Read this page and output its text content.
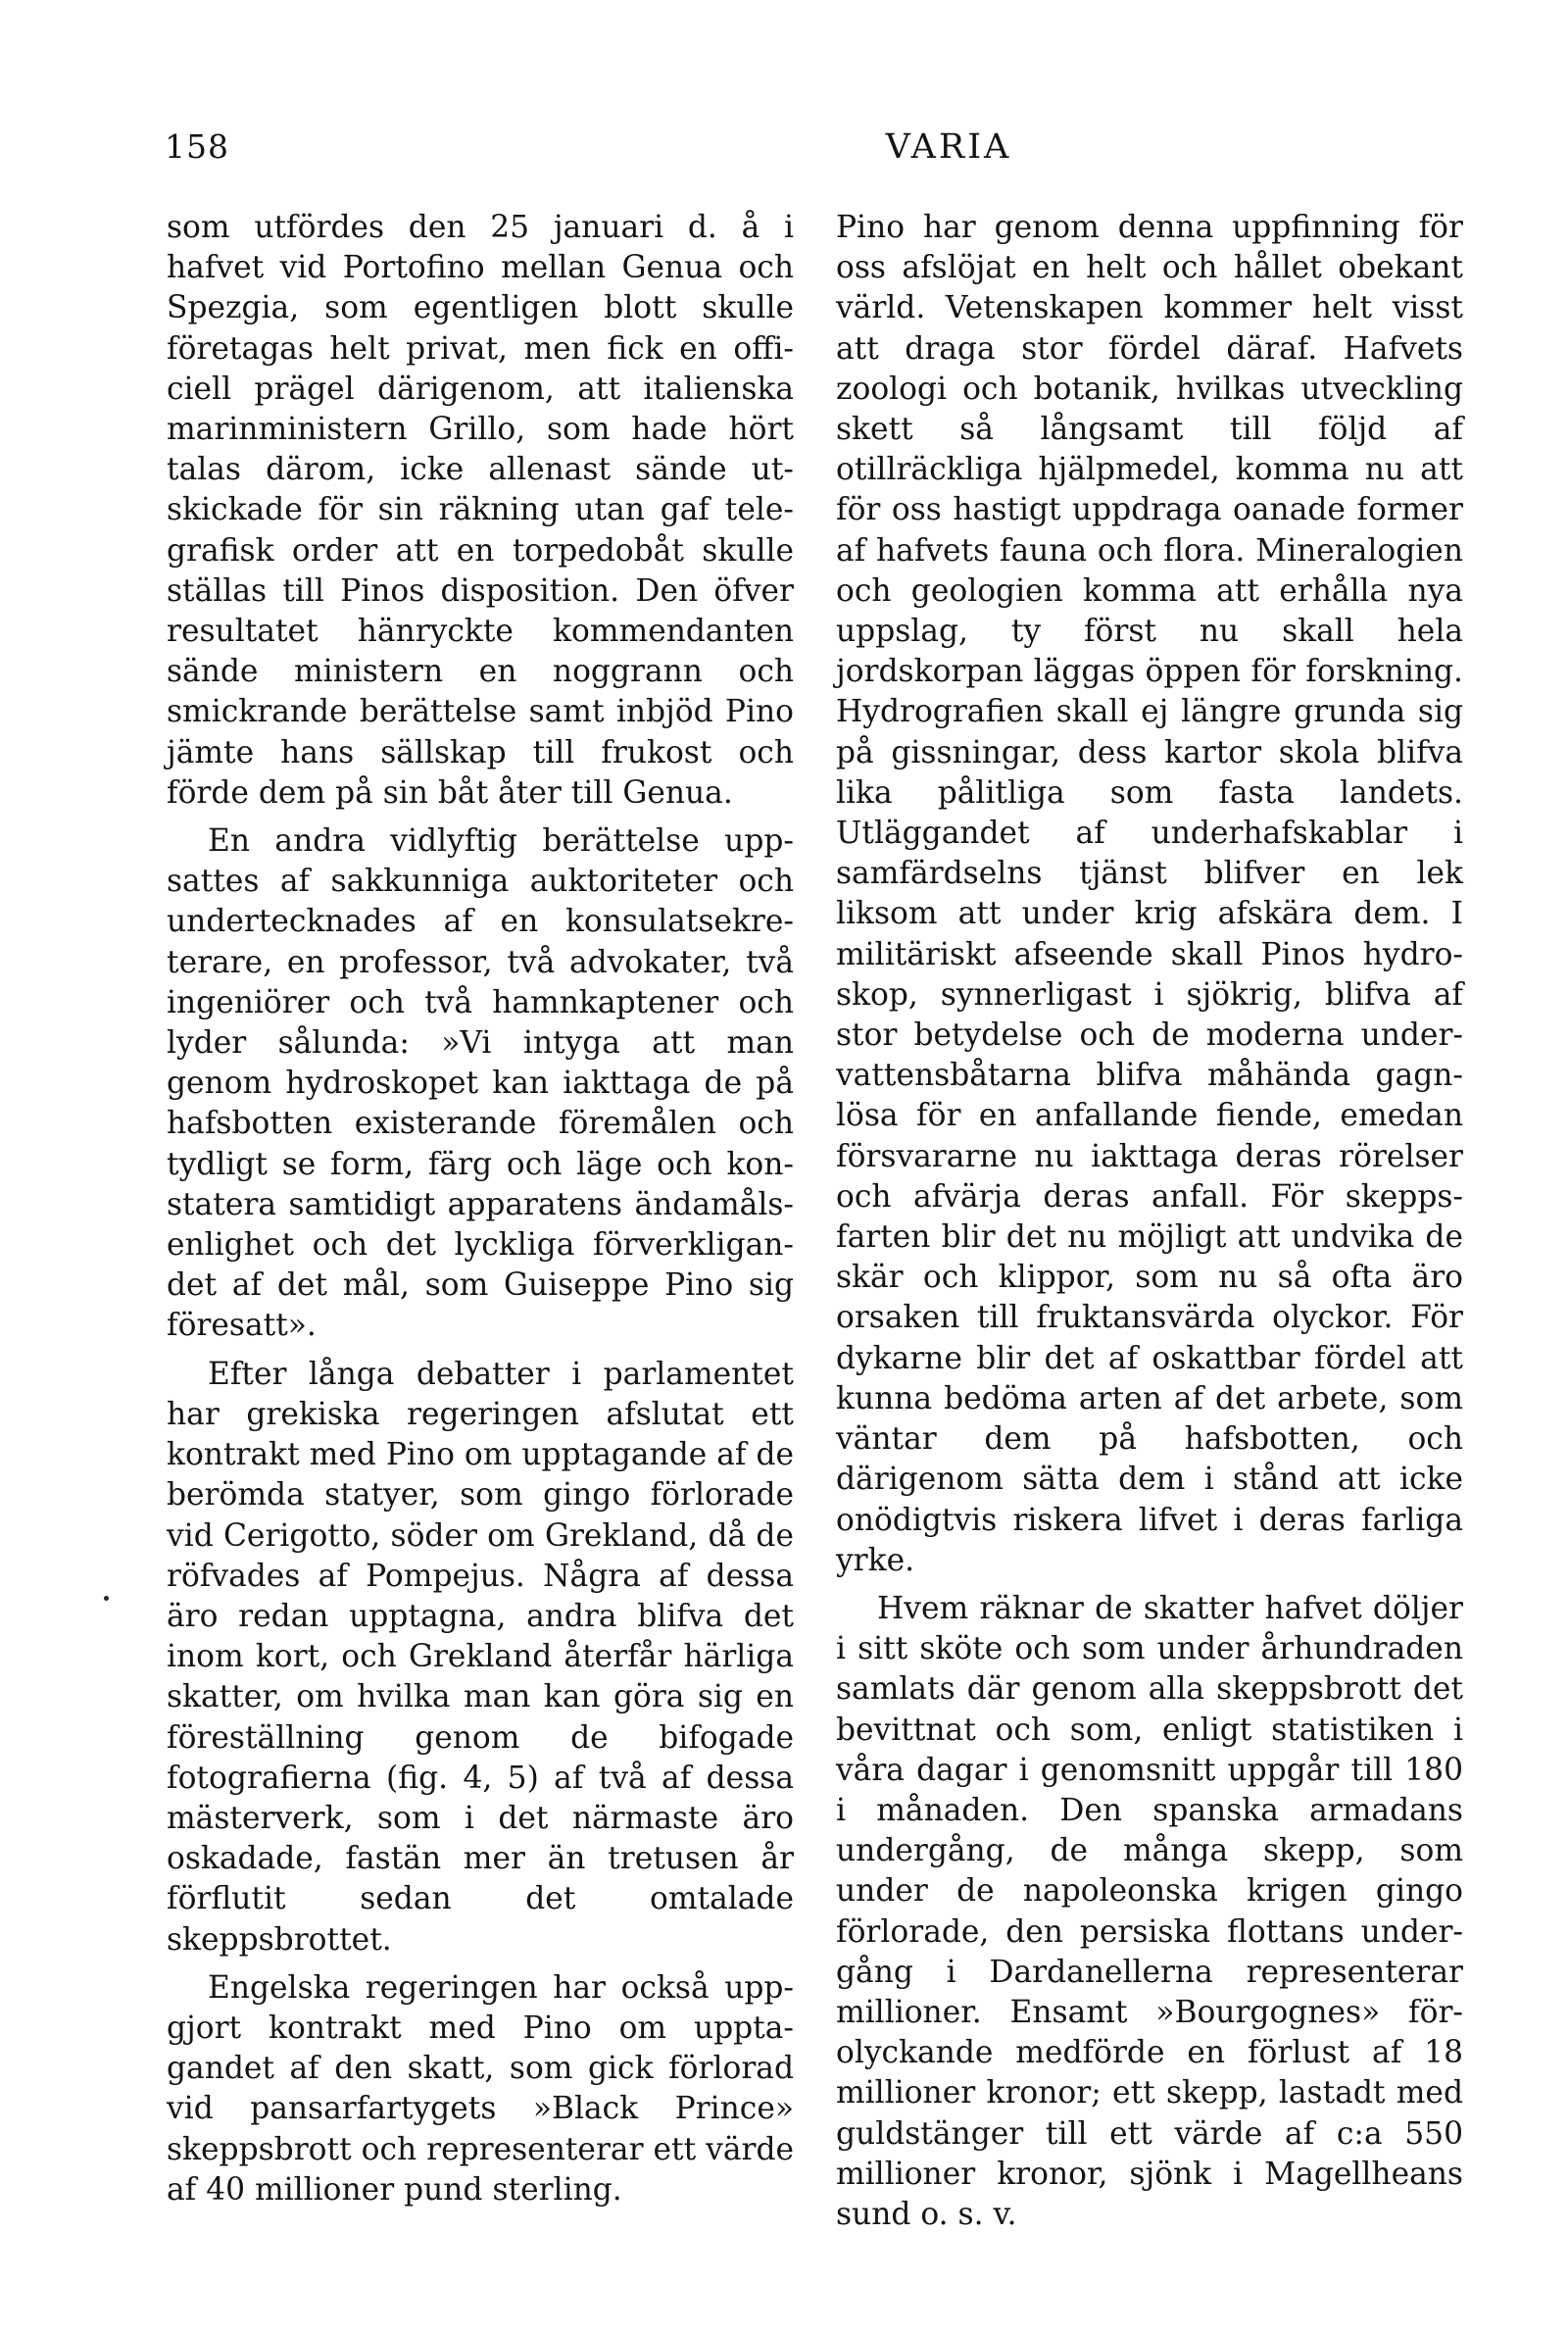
158	VARIA

som utfördes den 25 januari d. å i hafvet vid Portofino mellan Genua och Spezgia, som egentligen blott skulle företagas helt privat, men fick en officiell prägel därigenom, att italienska marinministern Grillo, som hade hört talas därom, icke allenast sände utskickade för sin räkning utan gaf telegrafisk order att en torpedobåt skulle ställas till Pinos disposition. Den öfver resultatet hänryckte kommendanten sände ministern en noggrann och smickrande berättelse samt inbjöd Pino jämte hans sällskap till frukost och förde dem på sin båt åter till Genua.

En andra vidlyftig berättelse uppsattes af sakkunniga auktoriteter och undertecknades af en konsulatsekreterare, en professor, två advokater, två ingeniörer och två hamnkaptener och lyder sålunda: »Vi intyga att man genom hydroskopet kan iakttaga de på hafsbotten existerande föremålen och tydligt se form, färg och läge och konstatera samtidigt apparatens ändamålsenlighet och det lyckliga förverkligandet af det mål, som Guiseppe Pino sig föresatt».

Efter långa debatter i parlamentet har grekiska regeringen afslutat ett kontrakt med Pino om upptagande af de berömda statyer, som gingo förlorade vid Cerigotto, söder om Grekland, då de röfvades af Pompejus. Några af dessa äro redan upptagna, andra blifva det inom kort, och Grekland återfår härliga skatter, om hvilka man kan göra sig en föreställning genom de bifogade fotografierna (fig. 4, 5) af två af dessa mästerverk, som i det närmaste äro oskadade, fastän mer än tretusen år förflutit sedan det omtalade skeppsbrottet.

Engelska regeringen har också uppgjort kontrakt med Pino om upptagandet af den skatt, som gick förlorad vid pansarfartygets »Black Prince» skeppsbrott och representerar ett värde af 40 millioner pund sterling.

Pino har genom denna uppfinning för oss afslöjat en helt och hållet obekant värld. Vetenskapen kommer helt visst att draga stor fördel däraf. Hafvets zoologi och botanik, hvilkas utveckling skett så långsamt till följd af otillräckliga hjälpmedel, komma nu att för oss hastigt uppdraga oanade former af hafvets fauna och flora. Mineralogien och geologien komma att erhålla nya uppslag, ty först nu skall hela jordskorpan läggas öppen för forskning. Hydrografien skall ej längre grunda sig på gissningar, dess kartor skola blifva lika pålitliga som fasta landets. Utläggandet af underhafskablar i samfärdselns tjänst blifver en lek liksom att under krig afskära dem. I militäriskt afseende skall Pinos hydroskop, synnerligast i sjökrig, blifva af stor betydelse och de moderna undervattensbåtarna blifva måhända gagnlösa för en anfallande fiende, emedan försvararne nu iakttaga deras rörelser och afvärja deras anfall. För skeppsfarten blir det nu möjligt att undvika de skär och klippor, som nu så ofta äro orsaken till fruktansvärda olyckor. För dykarne blir det af oskattbar fördel att kunna bedöma arten af det arbete, som väntar dem på hafsbotten, och därigenom sätta dem i stånd att icke onödigtvis riskera lifvet i deras farliga yrke.

Hvem räknar de skatter hafvet döljer i sitt sköte och som under århundraden samlats där genom alla skeppsbrott det bevittnat och som, enligt statistiken i våra dagar i genomsnitt uppgår till 180 i månaden. Den spanska armadans undergång, de många skepp, som under de napoleonska krigen gingo förlorade, den persiska flottans undergång i Dardanellerna representerar millioner. Ensamt »Bourgognes» förolyckande medförde en förlust af 18 millioner kronor; ett skepp, lastadt med guldstänger till ett värde af c:a 550 millioner kronor, sjönk i Magellheans sund o. s. v.
